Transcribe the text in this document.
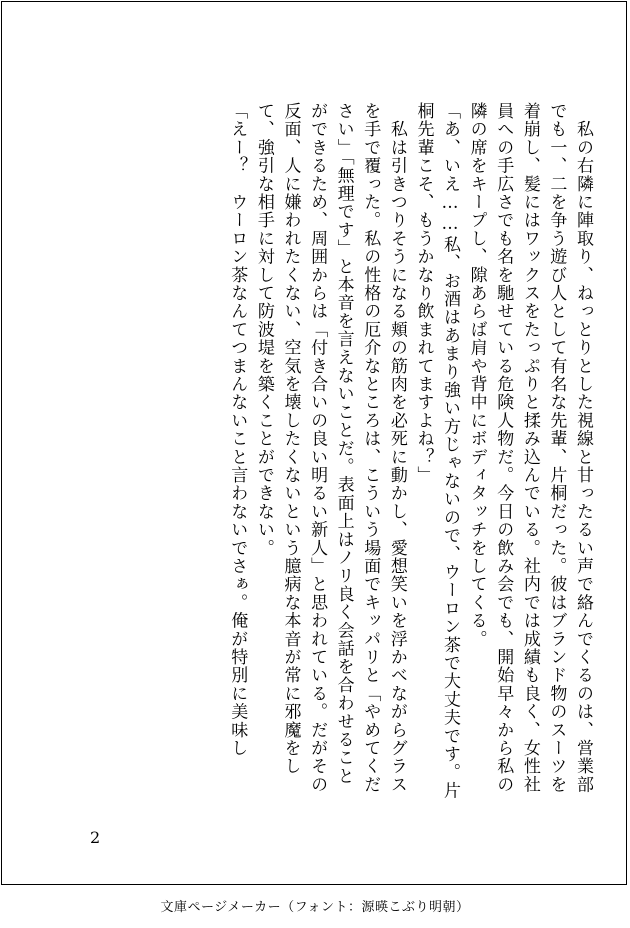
　私の右隣に陣取り、ねっとりとした視線と甘ったるい声で絡んでくるのは、営業部でも一、二を争う遊び人として有名な先輩、片桐だった。彼はブランド物のスーツを着崩し、髪にはワックスをたっぷりと揉み込んでいる。社内では成績も良く、女性社員への手広さでも名を馳せている危険人物だ。今日の飲み会でも、開始早々から私の隣の席をキープし、隙あらば肩や背中にボディタッチをしてくる。

「あ、いえ……私、お酒はあまり強い方じゃないので、ウーロン茶で大丈夫です。片桐先輩こそ、もうかなり飲まれてますよね？」

　私は引きつりそうになる頬の筋肉を必死に動かし、愛想笑いを浮かべながらグラスを手で覆った。私の性格の厄介なところは、こういう場面でキッパリと「やめてください」「無理です」と本音を言えないことだ。表面上はノリ良く会話を合わせることができるため、周囲からは「付き合いの良い明るい新人」と思われている。だがその反面、人に嫌われたくない、空気を壊したくないという臆病な本音が常に邪魔をして、強引な相手に対して防波堤を築くことができない。

「えー？　ウーロン茶なんてつまんないこと言わないでさぁ。俺が特別に美味し

2
文庫ページメーカー（フォント：源暎こぶり明朝）
